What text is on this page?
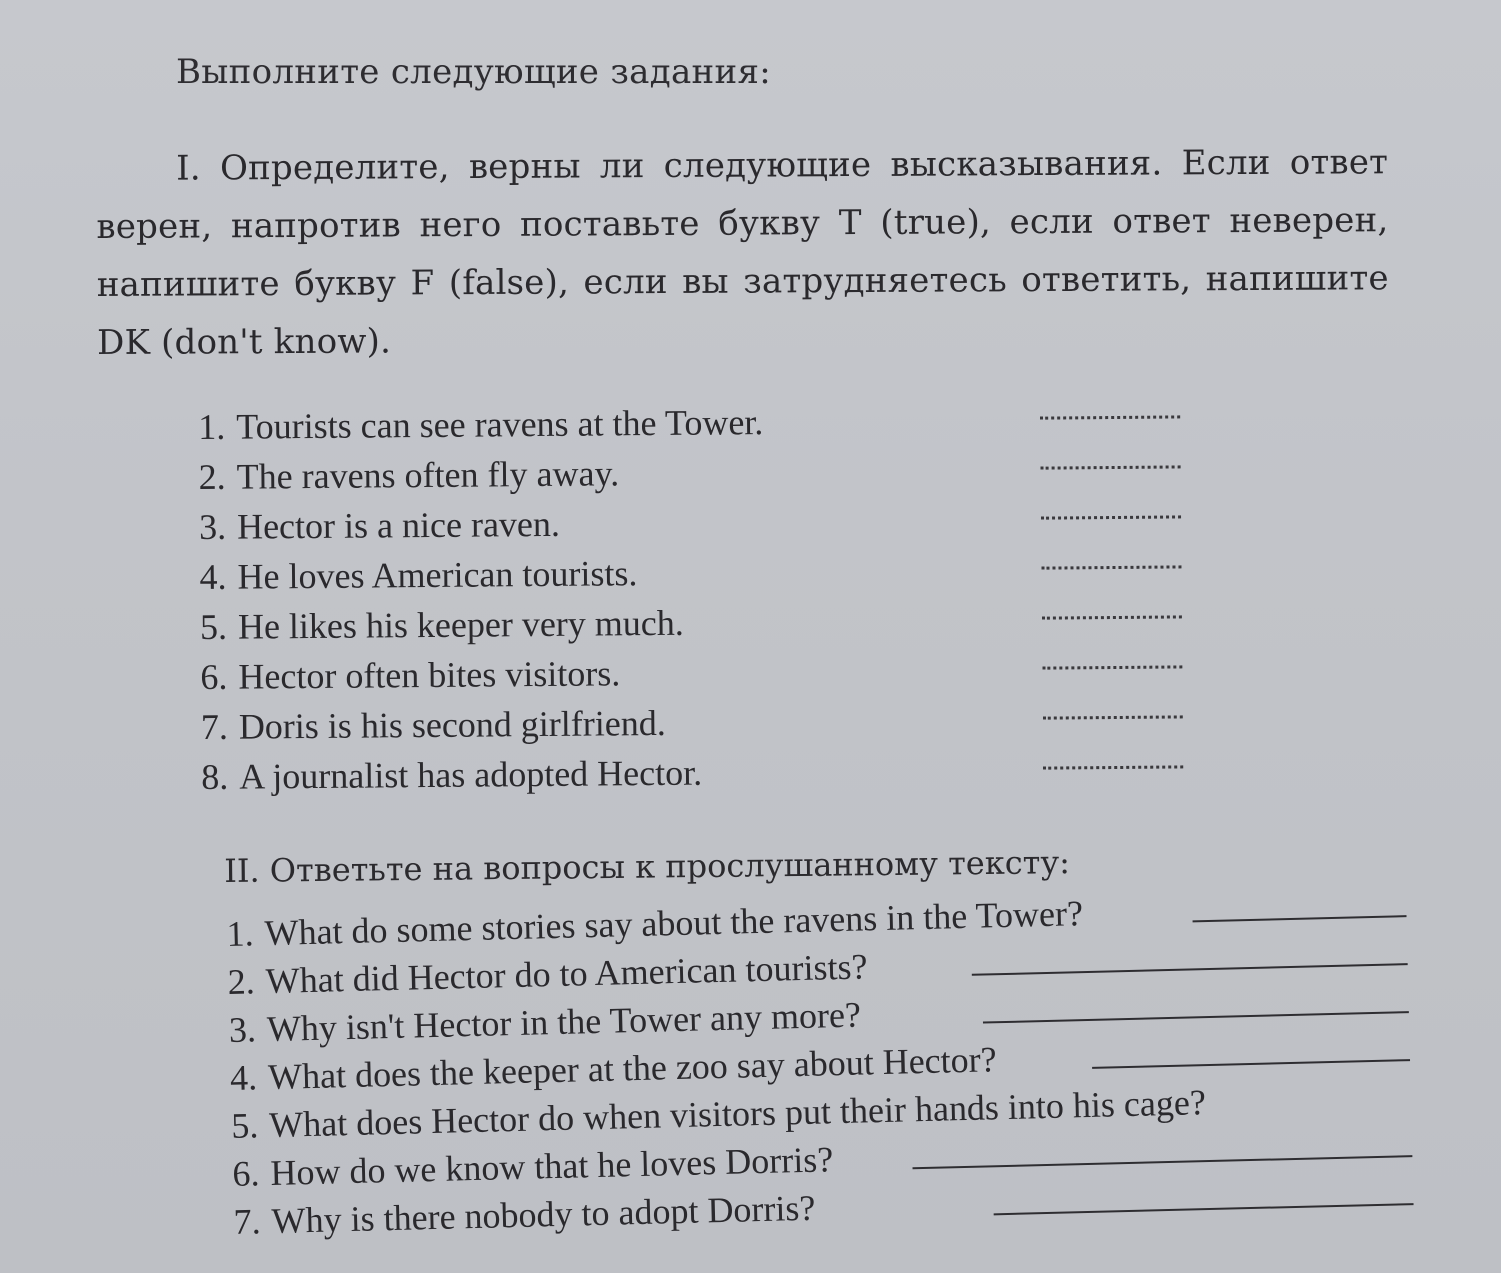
Выполните следующие задания:
I. Определите, верны ли следующие высказывания. Если ответ верен, напротив него поставьте букву T (true), если ответ неверен, напишите букву F (false), если вы затрудняетесь ответить, напишите DK (don't know).
1. Tourists can see ravens at the Tower.
2. The ravens often fly away.
3. Hector is a nice raven.
4. He loves American tourists.
5. He likes his keeper very much.
6. Hector often bites visitors.
7. Doris is his second girlfriend.
8. A journalist has adopted Hector.
II. Ответьте на вопросы к прослушанному тексту:
1. What do some stories say about the ravens in the Tower?
2. What did Hector do to American tourists?
3. Why isn't Hector in the Tower any more?
4. What does the keeper at the zoo say about Hector?
5. What does Hector do when visitors put their hands into his cage?
6. How do we know that he loves Dorris?
7. Why is there nobody to adopt Dorris?
